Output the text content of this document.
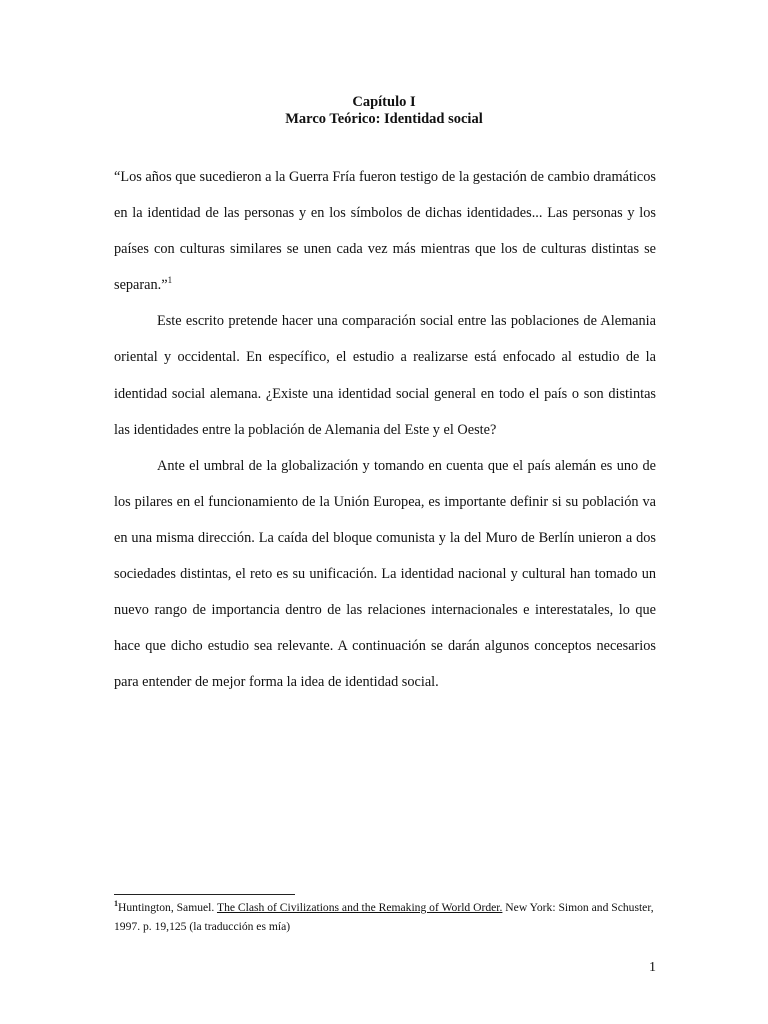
Capítulo I
Marco Teórico: Identidad social

“Los años que sucedieron a la Guerra Fría fueron testigo de la gestación de cambio dramáticos en la identidad de las personas y en los símbolos de dichas identidades... Las personas y los países con culturas similares se unen cada vez más mientras que los de culturas distintas se separan.”$^1$

Este escrito pretende hacer una comparación social entre las poblaciones de Alemania oriental y occidental. En específico, el estudio a realizarse está enfocado al estudio de la identidad social alemana. ¿Existe una identidad social general en todo el país o son distintas las identidades entre la población de Alemania del Este y el Oeste?

Ante el umbral de la globalización y tomando en cuenta que el país alemán es uno de los pilares en el funcionamiento de la Unión Europea, es importante definir si su población va en una misma dirección. La caída del bloque comunista y la del Muro de Berlín unieron a dos sociedades distintas, el reto es su unificación. La identidad nacional y cultural han tomado un nuevo rango de importancia dentro de las relaciones internacionales e interestatales, lo que hace que dicho estudio sea relevante. A continuación se darán algunos conceptos necesarios para entender de mejor forma la idea de identidad social.

$^1$Huntington, Samuel. The Clash of Civilizations and the Remaking of World Order. New York: Simon and Schuster, 1997. p. 19,125 (la traducción es mía)

1
